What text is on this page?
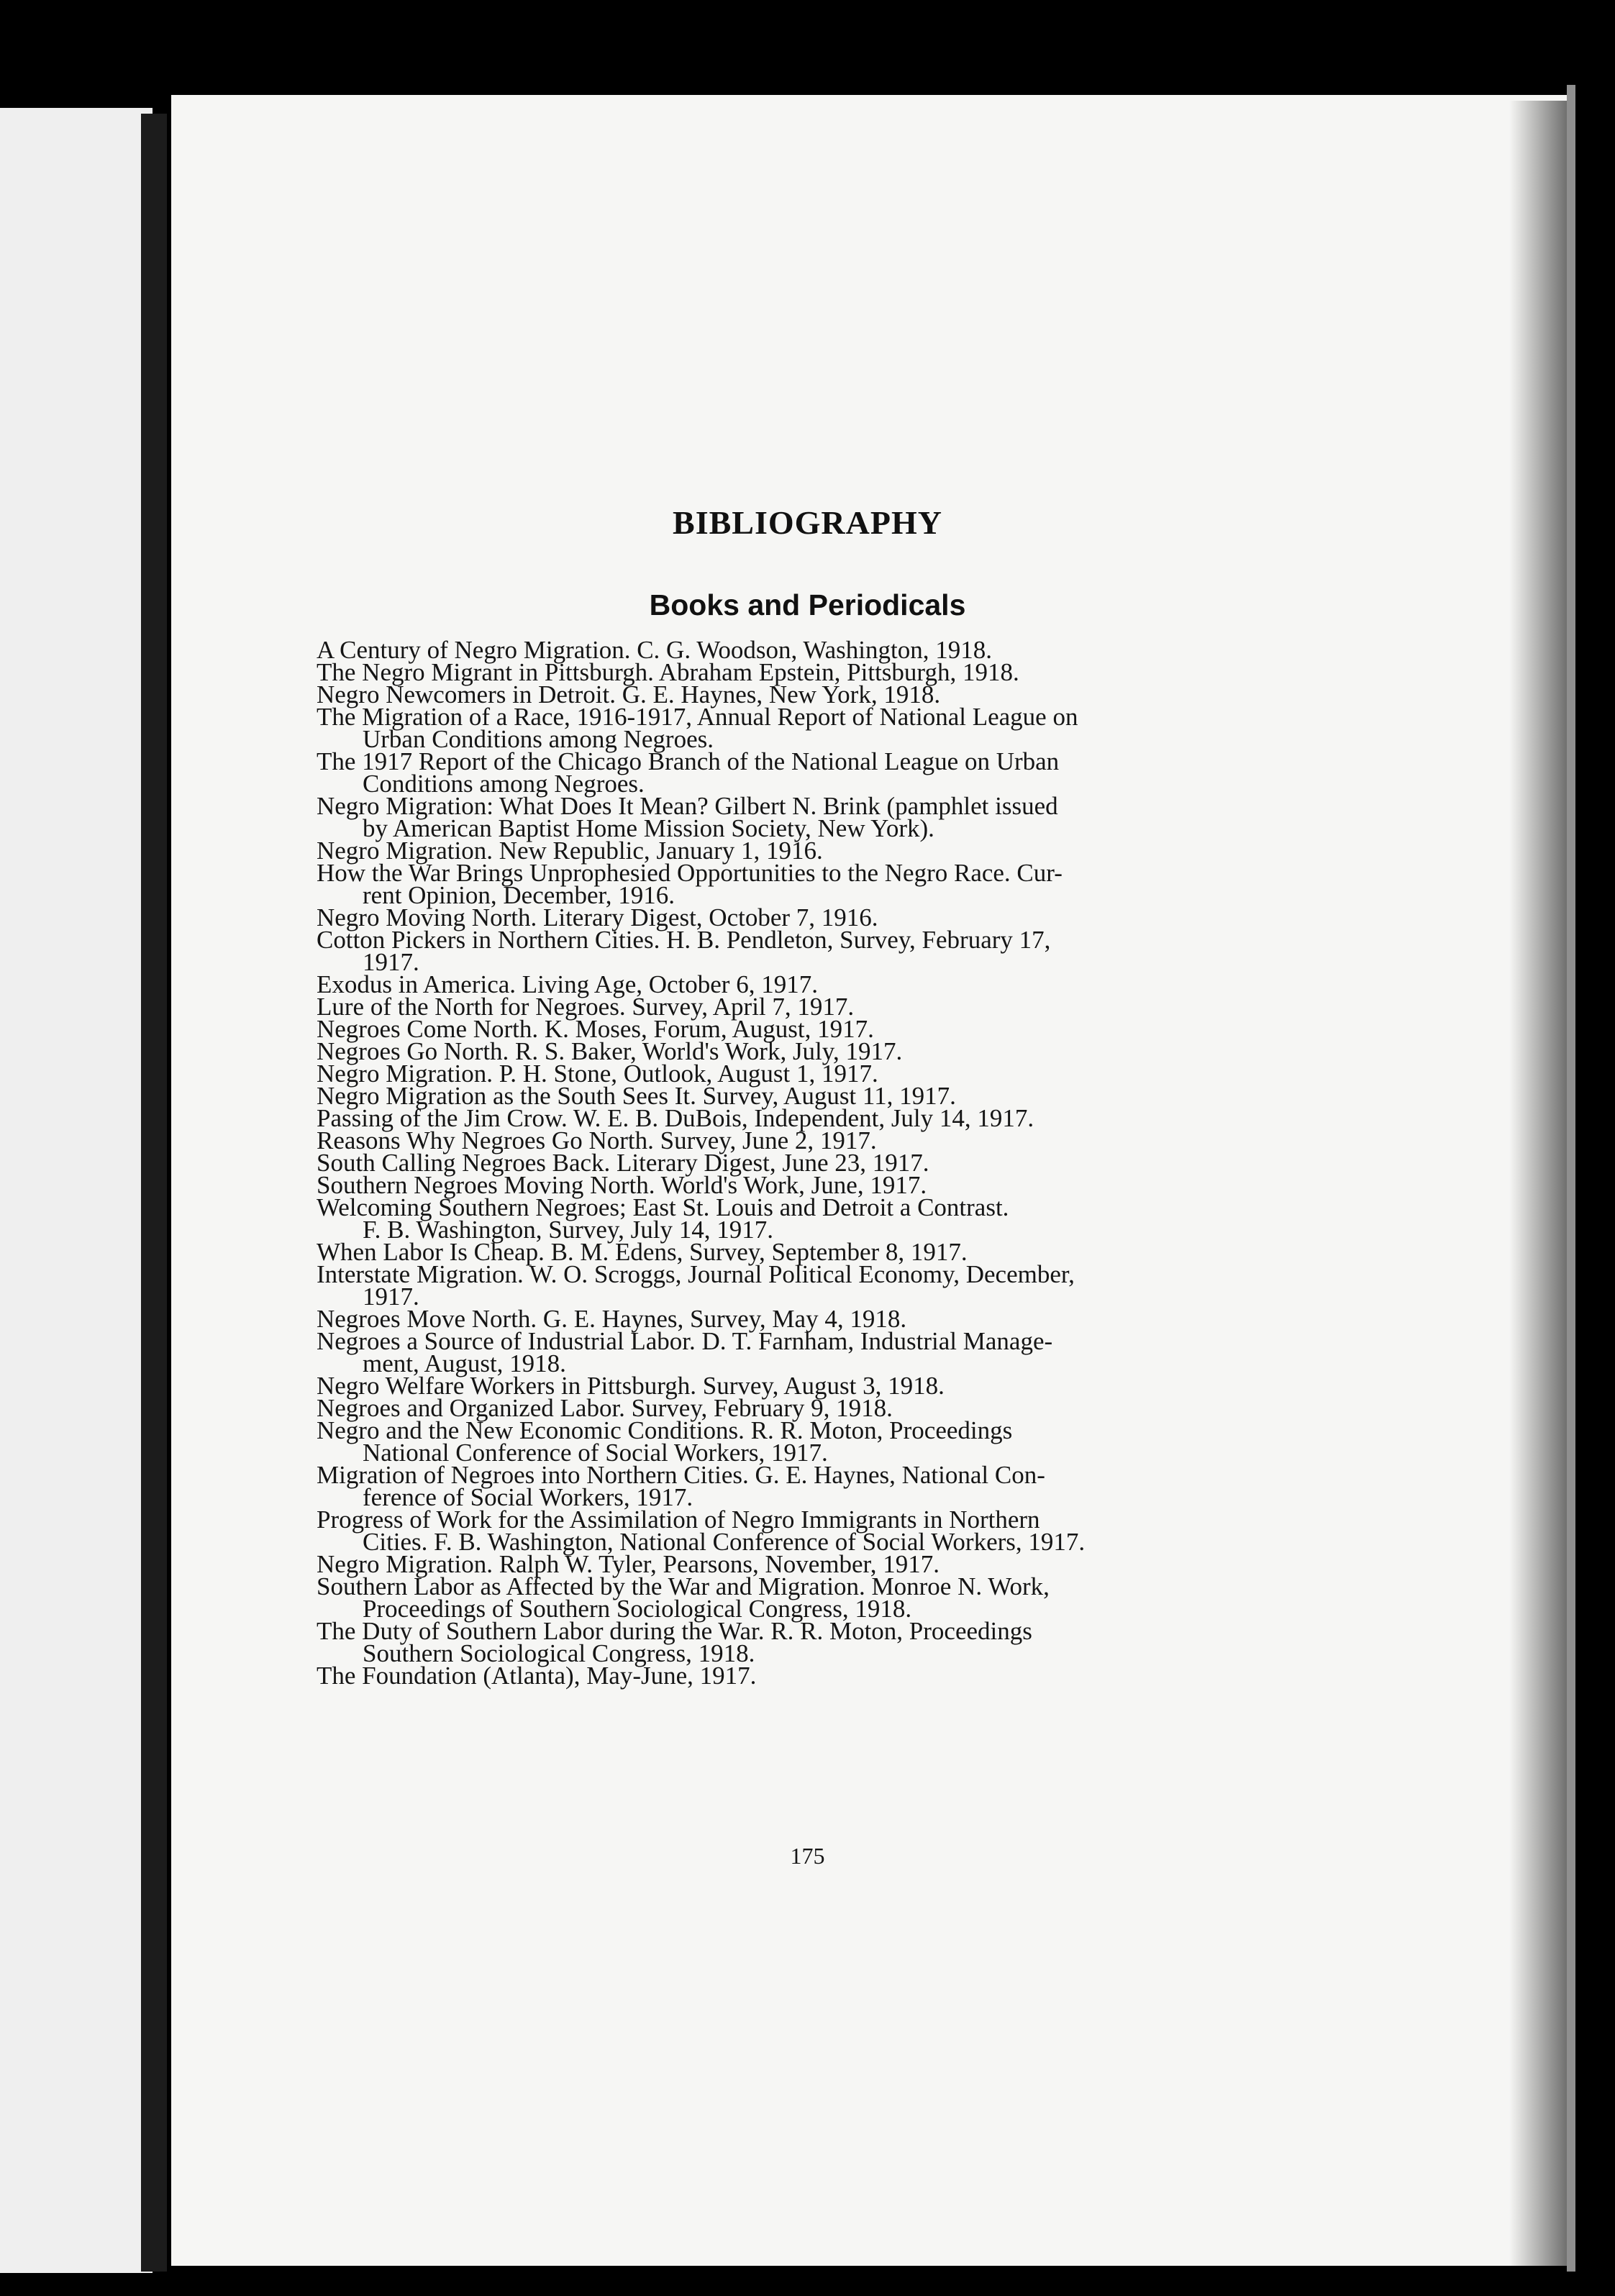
BIBLIOGRAPHY
Books and Periodicals
A Century of Negro Migration. C. G. Woodson, Washington, 1918.
The Negro Migrant in Pittsburgh. Abraham Epstein, Pittsburgh, 1918.
Negro Newcomers in Detroit. G. E. Haynes, New York, 1918.
The Migration of a Race, 1916-1917, Annual Report of National League on
Urban Conditions among Negroes.
The 1917 Report of the Chicago Branch of the National League on Urban
Conditions among Negroes.
Negro Migration: What Does It Mean? Gilbert N. Brink (pamphlet issued
by American Baptist Home Mission Society, New York).
Negro Migration. New Republic, January 1, 1916.
How the War Brings Unprophesied Opportunities to the Negro Race. Cur-
rent Opinion, December, 1916.
Negro Moving North. Literary Digest, October 7, 1916.
Cotton Pickers in Northern Cities. H. B. Pendleton, Survey, February 17,
1917.
Exodus in America. Living Age, October 6, 1917.
Lure of the North for Negroes. Survey, April 7, 1917.
Negroes Come North. K. Moses, Forum, August, 1917.
Negroes Go North. R. S. Baker, World's Work, July, 1917.
Negro Migration. P. H. Stone, Outlook, August 1, 1917.
Negro Migration as the South Sees It. Survey, August 11, 1917.
Passing of the Jim Crow. W. E. B. DuBois, Independent, July 14, 1917.
Reasons Why Negroes Go North. Survey, June 2, 1917.
South Calling Negroes Back. Literary Digest, June 23, 1917.
Southern Negroes Moving North. World's Work, June, 1917.
Welcoming Southern Negroes; East St. Louis and Detroit a Contrast.
F. B. Washington, Survey, July 14, 1917.
When Labor Is Cheap. B. M. Edens, Survey, September 8, 1917.
Interstate Migration. W. O. Scroggs, Journal Political Economy, December,
1917.
Negroes Move North. G. E. Haynes, Survey, May 4, 1918.
Negroes a Source of Industrial Labor. D. T. Farnham, Industrial Manage-
ment, August, 1918.
Negro Welfare Workers in Pittsburgh. Survey, August 3, 1918.
Negroes and Organized Labor. Survey, February 9, 1918.
Negro and the New Economic Conditions. R. R. Moton, Proceedings
National Conference of Social Workers, 1917.
Migration of Negroes into Northern Cities. G. E. Haynes, National Con-
ference of Social Workers, 1917.
Progress of Work for the Assimilation of Negro Immigrants in Northern
Cities. F. B. Washington, National Conference of Social Workers, 1917.
Negro Migration. Ralph W. Tyler, Pearsons, November, 1917.
Southern Labor as Affected by the War and Migration. Monroe N. Work,
Proceedings of Southern Sociological Congress, 1918.
The Duty of Southern Labor during the War. R. R. Moton, Proceedings
Southern Sociological Congress, 1918.
The Foundation (Atlanta), May-June, 1917.
175
